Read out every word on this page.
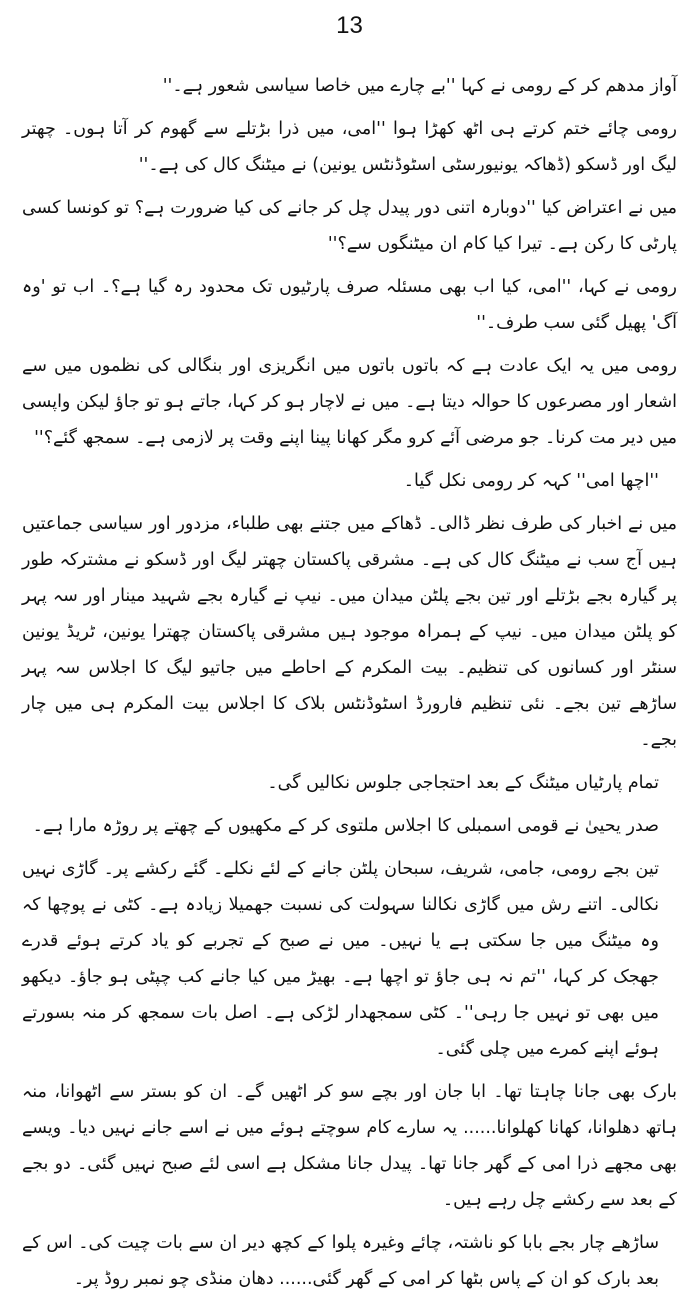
13

آواز مدھم کر کے رومی نے کہا ''بے چارے میں خاصا سیاسی شعور ہے۔''

رومی چائے ختم کرتے ہی اٹھ کھڑا ہوا ''امی، میں ذرا بڑتلے سے گھوم کر آتا ہوں۔ چھتر لیگ اور ڈسکو (ڈھاکہ یونیورسٹی اسٹوڈنٹس یونین) نے میٹنگ کال کی ہے۔''

میں نے اعتراض کیا ''دوبارہ اتنی دور پیدل چل کر جانے کی کیا ضرورت ہے؟ تو کونسا کسی پارٹی کا رکن ہے۔ تیرا کیا کام ان میٹنگوں سے؟''

رومی نے کہا، ''امی، کیا اب بھی مسئلہ صرف پارٹیوں تک محدود رہ گیا ہے؟۔ اب تو 'وہ آگ' پھیل گئی سب طرف۔''

رومی میں یہ ایک عادت ہے کہ باتوں باتوں میں انگریزی اور بنگالی کی نظموں میں سے اشعار اور مصرعوں کا حوالہ دیتا ہے۔ میں نے لاچار ہو کر کہا، جاتے ہو تو جاؤ لیکن واپسی میں دیر مت کرنا۔ جو مرضی آئے کرو مگر کھانا پینا اپنے وقت پر لازمی ہے۔ سمجھ گئے؟''

''اچھا امی'' کہہ کر رومی نکل گیا۔

میں نے اخبار کی طرف نظر ڈالی۔ ڈھاکے میں جتنے بھی طلباء، مزدور اور سیاسی جماعتیں ہیں آج سب نے میٹنگ کال کی ہے۔ مشرقی پاکستان چھتر لیگ اور ڈسکو نے مشترکہ طور پر گیارہ بجے بڑتلے اور تین بجے پلٹن میدان میں۔ نیپ نے گیارہ بجے شہید مینار اور سہ پہر کو پلٹن میدان میں۔ نیپ کے ہمراہ موجود ہیں مشرقی پاکستان چھترا یونین، ٹریڈ یونین سنٹر اور کسانوں کی تنظیم۔ بیت المکرم کے احاطے میں جاتیو لیگ کا اجلاس سہ پہر ساڑھے تین بجے۔ نئی تنظیم فارورڈ اسٹوڈنٹس بلاک کا اجلاس بیت المکرم ہی میں چار بجے۔

تمام پارٹیاں میٹنگ کے بعد احتجاجی جلوس نکالیں گی۔

صدر یحییٰ نے قومی اسمبلی کا اجلاس ملتوی کر کے مکھیوں کے چھتے پر روڑہ مارا ہے۔

تین بجے رومی، جامی، شریف، سبحان پلٹن جانے کے لئے نکلے۔ گئے رکشے پر۔ گاڑی نہیں نکالی۔ اتنے رش میں گاڑی نکالنا سہولت کی نسبت جھمیلا زیادہ ہے۔ کٹی نے پوچھا کہ وہ میٹنگ میں جا سکتی ہے یا نہیں۔ میں نے صبح کے تجربے کو یاد کرتے ہوئے قدرے جھجک کر کہا، ''تم نہ ہی جاؤ تو اچھا ہے۔ بھیڑ میں کیا جانے کب چپٹی ہو جاؤ۔ دیکھو میں بھی تو نہیں جا رہی''۔ کٹی سمجھدار لڑکی ہے۔ اصل بات سمجھ کر منہ بسورتے ہوئے اپنے کمرے میں چلی گئی۔

بارک بھی جانا چاہتا تھا۔ ابا جان اور بچے سو کر اٹھیں گے۔ ان کو بستر سے اٹھوانا، منہ ہاتھ دھلوانا، کھانا کھلوانا...... یہ سارے کام سوچتے ہوئے میں نے اسے جانے نہیں دیا۔ ویسے بھی مجھے ذرا امی کے گھر جانا تھا۔ پیدل جانا مشکل ہے اسی لئے صبح نہیں گئی۔ دو بجے کے بعد سے رکشے چل رہے ہیں۔

ساڑھے چار بجے بابا کو ناشتہ، چائے وغیرہ پلوا کے کچھ دیر ان سے بات چیت کی۔ اس کے بعد بارک کو ان کے پاس بٹھا کر امی کے گھر گئی...... دھان منڈی چو نمبر روڈ پر۔
